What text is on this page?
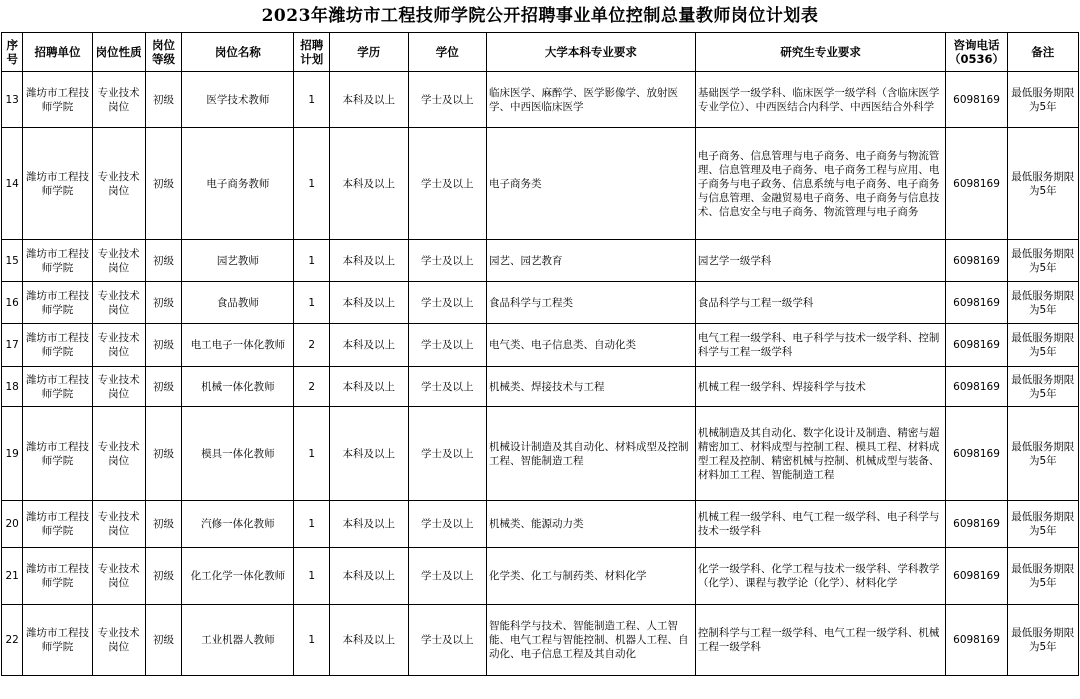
2023年潍坊市工程技师学院公开招聘事业单位控制总量教师岗位计划表
序号	招聘单位	岗位性质	岗位等级	岗位名称	招聘计划	学历	学位	大学本科专业要求	研究生专业要求	咨询电话（0536）	备注
13	潍坊市工程技师学院	专业技术岗位	初级	医学技术教师	1	本科及以上	学士及以上	临床医学、麻醉学、医学影像学、放射医学、中西医临床医学	基础医学一级学科、临床医学一级学科（含临床医学专业学位）、中西医结合内科学、中西医结合外科学	6098169	最低服务期限为5年
14	潍坊市工程技师学院	专业技术岗位	初级	电子商务教师	1	本科及以上	学士及以上	电子商务类	电子商务、信息管理与电子商务、电子商务与物流管理、信息管理及电子商务、电子商务工程与应用、电子商务与电子政务、信息系统与电子商务、电子商务与信息管理、金融贸易电子商务、电子商务与信息技术、信息安全与电子商务、物流管理与电子商务	6098169	最低服务期限为5年
15	潍坊市工程技师学院	专业技术岗位	初级	园艺教师	1	本科及以上	学士及以上	园艺、园艺教育	园艺学一级学科	6098169	最低服务期限为5年
16	潍坊市工程技师学院	专业技术岗位	初级	食品教师	1	本科及以上	学士及以上	食品科学与工程类	食品科学与工程一级学科	6098169	最低服务期限为5年
17	潍坊市工程技师学院	专业技术岗位	初级	电工电子一体化教师	2	本科及以上	学士及以上	电气类、电子信息类、自动化类	电气工程一级学科、电子科学与技术一级学科、控制科学与工程一级学科	6098169	最低服务期限为5年
18	潍坊市工程技师学院	专业技术岗位	初级	机械一体化教师	2	本科及以上	学士及以上	机械类、焊接技术与工程	机械工程一级学科、焊接科学与技术	6098169	最低服务期限为5年
19	潍坊市工程技师学院	专业技术岗位	初级	模具一体化教师	1	本科及以上	学士及以上	机械设计制造及其自动化、材料成型及控制工程、智能制造工程	机械制造及其自动化、数字化设计及制造、精密与超精密加工、材料成型与控制工程、模具工程、材料成型工程及控制、精密机械与控制、机械成型与装备、材料加工工程、智能制造工程	6098169	最低服务期限为5年
20	潍坊市工程技师学院	专业技术岗位	初级	汽修一体化教师	1	本科及以上	学士及以上	机械类、能源动力类	机械工程一级学科、电气工程一级学科、电子科学与技术一级学科	6098169	最低服务期限为5年
21	潍坊市工程技师学院	专业技术岗位	初级	化工化学一体化教师	1	本科及以上	学士及以上	化学类、化工与制药类、材料化学	化学一级学科、化学工程与技术一级学科、学科教学（化学）、课程与教学论（化学）、材料化学	6098169	最低服务期限为5年
22	潍坊市工程技师学院	专业技术岗位	初级	工业机器人教师	1	本科及以上	学士及以上	智能科学与技术、智能制造工程、人工智能、电气工程与智能控制、机器人工程、自动化、电子信息工程及其自动化	控制科学与工程一级学科、电气工程一级学科、机械工程一级学科	6098169	最低服务期限为5年
